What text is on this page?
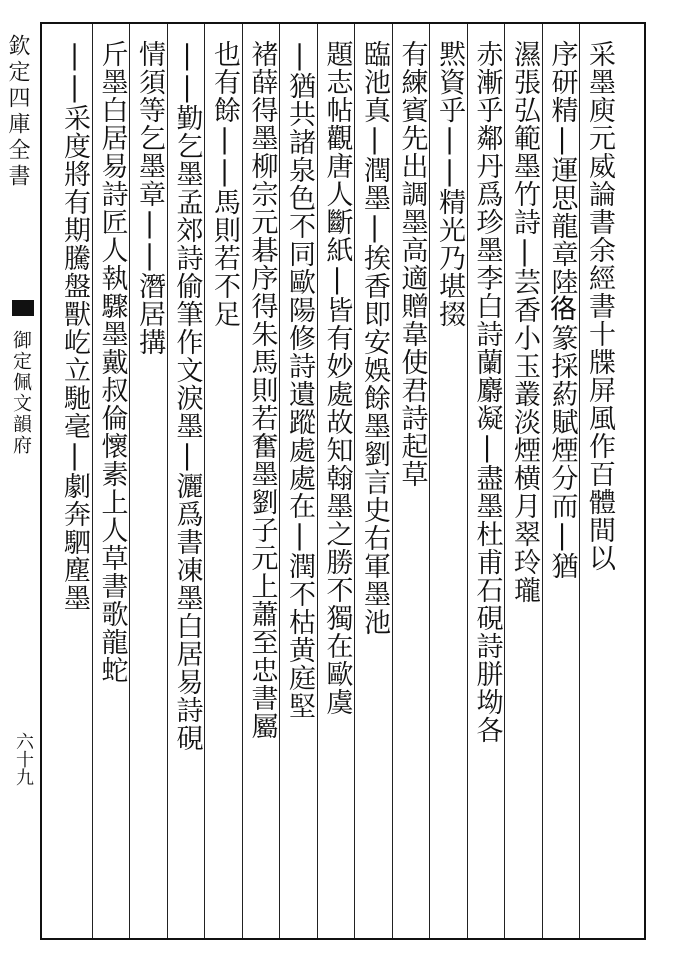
欽定四庫全書
御定佩文韻府
六十九
采墨庾元威論書余經書十牒屏風作百體間以
序研精|運思龍章陸𢓜篆採葯賦煙分而|猶
濕張弘範墨竹詩|芸香小玉叢淡煙横月翠玲瓏
赤漸乎鄰丹爲珍墨李白詩蘭麝凝|盡墨杜甫石硯詩胼坳各
黙資乎||精光乃堪掇
有練賓先出調墨高適贈韋使君詩起草
臨池真|潤墨|挨香即安娛餘墨劉言史右軍墨池
題志帖觀唐人斷紙|皆有妙處故知翰墨之勝不獨在歐虞
|猶共諸泉色不同歐陽修詩遺蹤處處在|潤不枯黄庭堅
褚薛得墨柳宗元碁序得朱馬則若奮墨劉子元上蕭至忠書屬
也有餘||馬則若不足
||勤乞墨孟郊詩偷筆作文淚墨|灑爲書凍墨白居易詩硯
情須等乞墨章||潛居搆
斤墨白居易詩匠人執驟墨戴叔倫懷素上人草書歌龍蛇
||采度將有期騰盤獸屹立馳毫|劇奔駟塵墨
